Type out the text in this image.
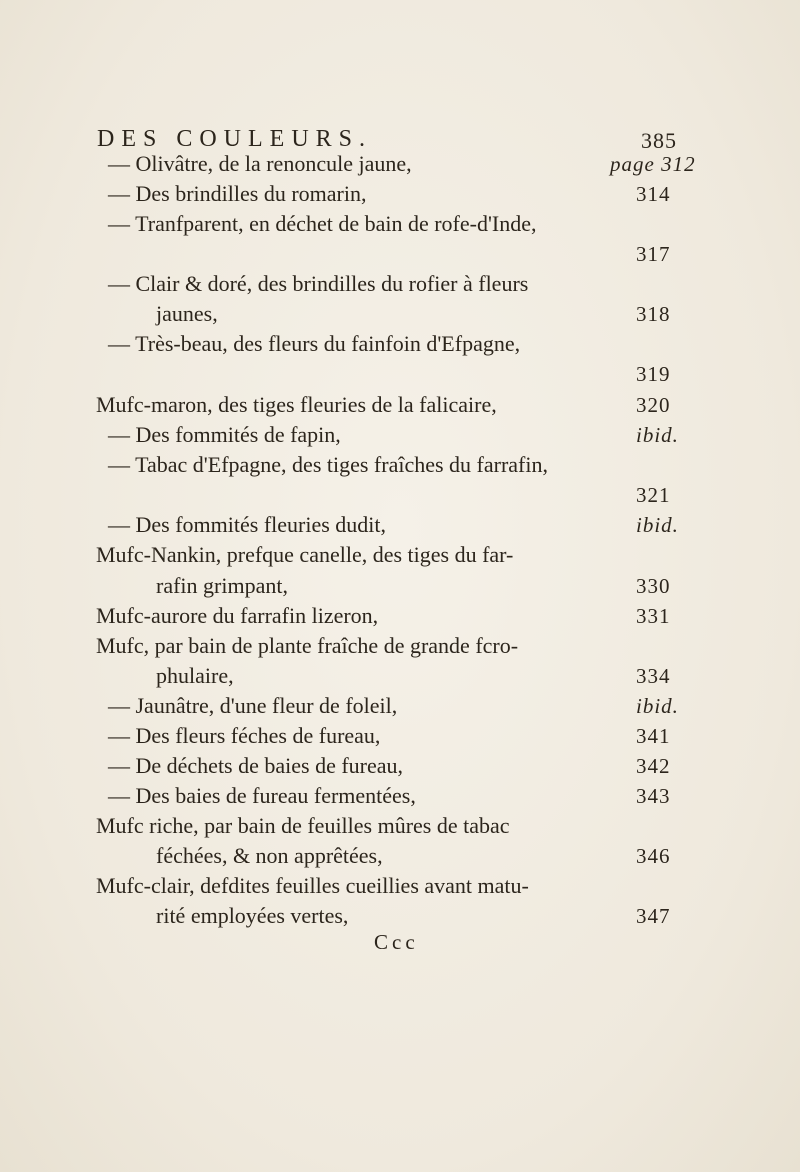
DES COULEURS.	385
— Olivâtre, de la renoncule jaune,	page 312
— Des brindilles du romarin,	314
— Tranfparent, en déchet de bain de rofe-d'Inde,
317
— Clair & doré, des brindilles du rofier à fleurs
jaunes,	318
— Très-beau, des fleurs du fainfoin d'Efpagne,
319
Mufc-maron, des tiges fleuries de la falicaire,	320
— Des fommités de fapin,	ibid.
— Tabac d'Efpagne, des tiges fraîches du farrafin,
321
— Des fommités fleuries dudit,	ibid.
Mufc-Nankin, prefque canelle, des tiges du far-
rafin grimpant,	330
Mufc-aurore du farrafin lizeron,	331
Mufc, par bain de plante fraîche de grande fcro-
phulaire,	334
— Jaunâtre, d'une fleur de foleil,	ibid.
— Des fleurs féches de fureau,	341
— De déchets de baies de fureau,	342
— Des baies de fureau fermentées,	343
Mufc riche, par bain de feuilles mûres de tabac
féchées, & non apprêtées,	346
Mufc-clair, defdites feuilles cueillies avant matu-
rité employées vertes,	347
Ccc
